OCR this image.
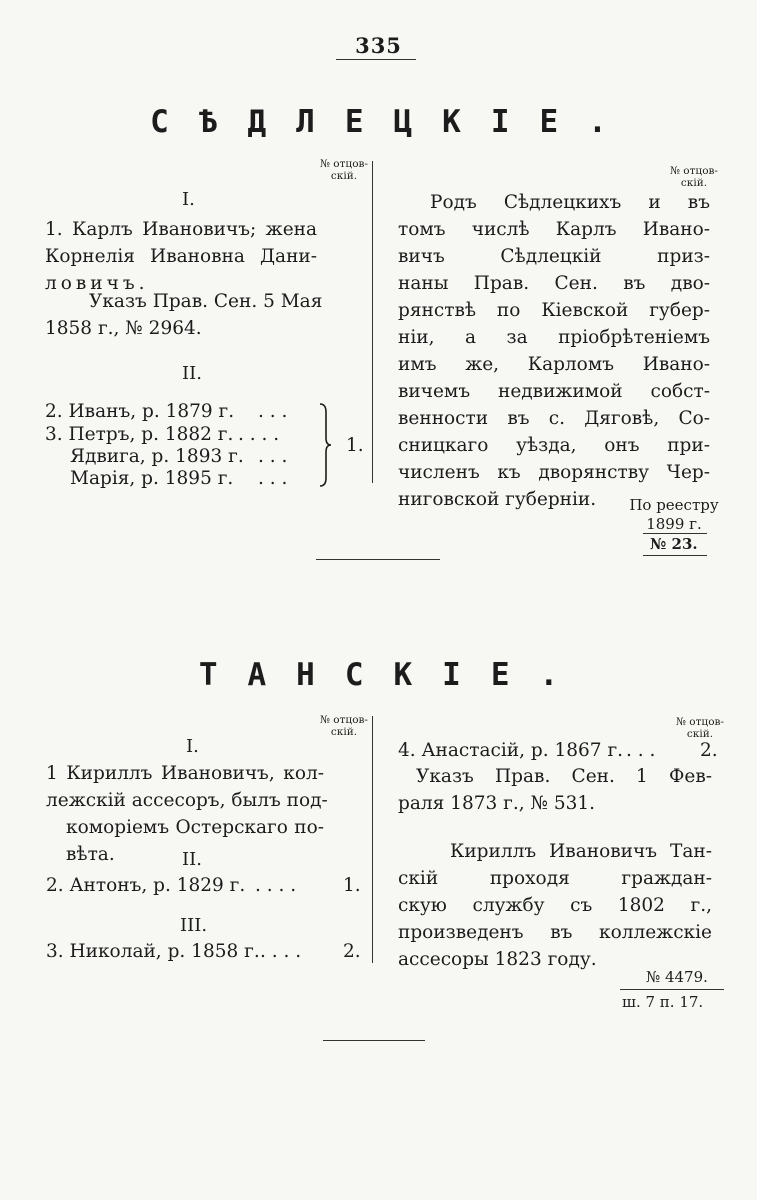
335
СѢДЛЕЦКIЕ.
№ отцов-
скій.	№ отцов-
скій.
I.
1. Карлъ Ивановичъ; жена
Корнелія Ивановна Дани-
ловичъ.
Указъ Прав. Сен. 5 Мая
1858 г., № 2964.
II.
2. Иванъ, р. 1879 г. . . .
3. Петръ, р. 1882 г. . . . .
Ядвига, р. 1893 г. . . .
Марія, р. 1895 г. . . .
1.
Родъ Сѣдлецкихъ и въ
томъ числѣ Карлъ Ивано-
вичъ Сѣдлецкій приз-
наны Прав. Сен. въ дво-
рянствѣ по Кіевской губер-
ніи, а за пріобрѣтеніемъ
имъ же, Карломъ Ивано-
вичемъ недвижимой собст-
венности въ с. Дяговѣ, Со-
сницкаго уѣзда, онъ при-
численъ къ дворянству Чер-
ниговской губерніи.	По реестру
1899 г.
№ 23.
ТАНСКIЕ.
№ отцов-
скій.
№ отцов-
скій.
I.
1 Кириллъ Ивановичъ, кол-
лежскій ассесоръ, былъ под-
коморіемъ Остерскаго по-
вѣта.	II.
2. Антонъ, р. 1829 г. . . . .	1.
III.
3. Николай, р. 1858 г. . . . . 2.
4. Анастасій, р. 1867 г. . . . 2.
Указъ Прав. Сен. 1 Фев-
раля 1873 г., № 531.
Кириллъ Ивановичъ Тан-
скій проходя граждан-
скую службу съ 1802 г.,
произведенъ въ коллежскіе
ассесоры 1823 году.
№ 4479.
ш. 7 п. 17.
